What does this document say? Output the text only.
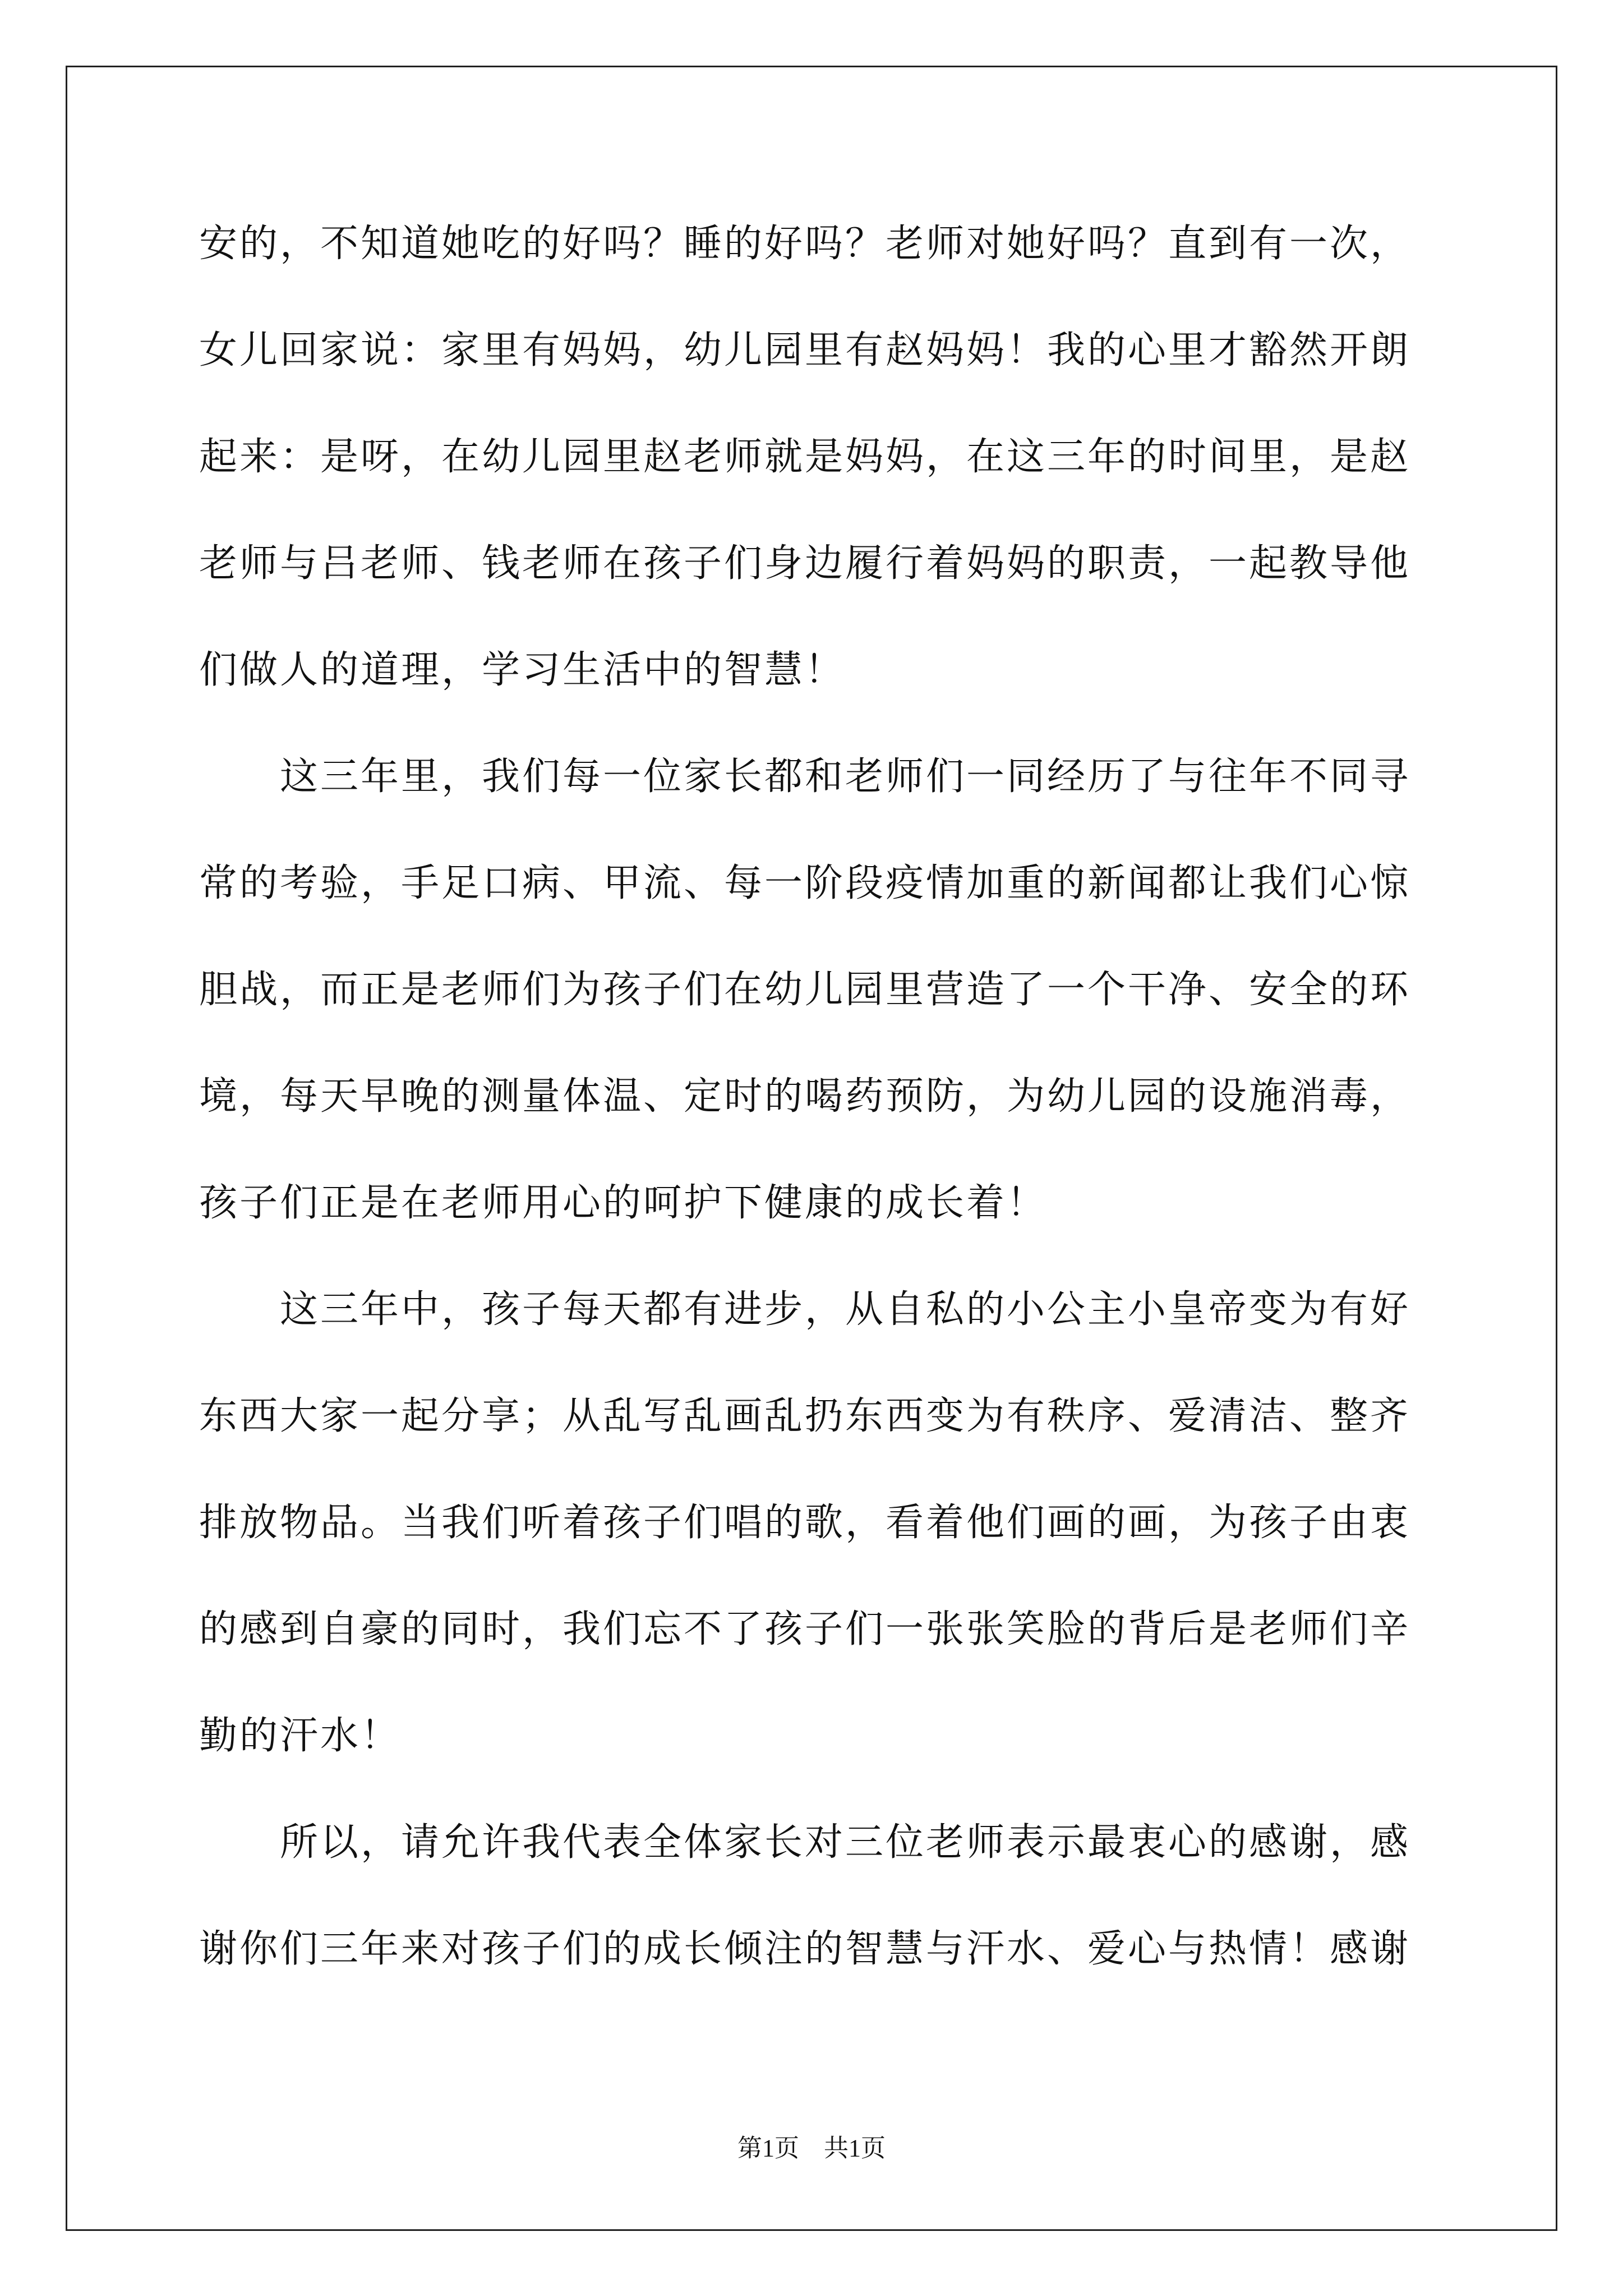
安的，不知道她吃的好吗？睡的好吗？老师对她好吗？直到有一次，
女儿回家说：家里有妈妈，幼儿园里有赵妈妈！我的心里才豁然开朗
起来：是呀，在幼儿园里赵老师就是妈妈，在这三年的时间里，是赵
老师与吕老师、钱老师在孩子们身边履行着妈妈的职责，一起教导他
们做人的道理，学习生活中的智慧！
这三年里，我们每一位家长都和老师们一同经历了与往年不同寻
常的考验，手足口病、甲流、每一阶段疫情加重的新闻都让我们心惊
胆战，而正是老师们为孩子们在幼儿园里营造了一个干净、安全的环
境，每天早晚的测量体温、定时的喝药预防，为幼儿园的设施消毒，
孩子们正是在老师用心的呵护下健康的成长着！
这三年中，孩子每天都有进步，从自私的小公主小皇帝变为有好
东西大家一起分享；从乱写乱画乱扔东西变为有秩序、爱清洁、整齐
排放物品。当我们听着孩子们唱的歌，看着他们画的画，为孩子由衷
的感到自豪的同时，我们忘不了孩子们一张张笑脸的背后是老师们辛
勤的汗水！
所以，请允许我代表全体家长对三位老师表示最衷心的感谢，感
谢你们三年来对孩子们的成长倾注的智慧与汗水、爱心与热情！感谢
第1页　共1页
